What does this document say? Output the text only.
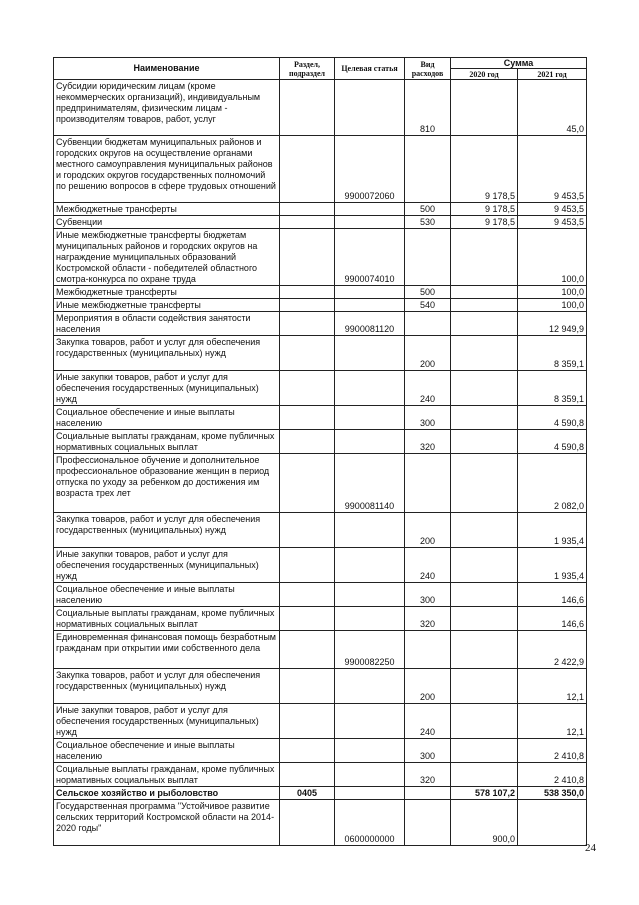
Наименование	Раздел, подраздел	Целевая статья	Вид расходов	Сумма	
				2020 год	2021 год
Субсидии юридическим лицам (кроме некоммерческих организаций), индивидуальным предпринимателям, физическим лицам - производителям товаров, работ, услуг			810		45,0
Субвенции бюджетам муниципальных районов и городских округов на осуществление органами местного самоуправления муниципальных районов и городских округов государственных полномочий по решению вопросов в сфере трудовых отношений		9900072060		9 178,5	9 453,5
Межбюджетные трансферты			500	9 178,5	9 453,5
Субвенции			530	9 178,5	9 453,5
Иные межбюджетные трансферты бюджетам муниципальных районов и городских округов на награждение муниципальных образований Костромской области - победителей областного смотра-конкурса по охране труда		9900074010			100,0
Межбюджетные трансферты			500		100,0
Иные межбюджетные трансферты			540		100,0
Мероприятия в области содействия занятости населения		9900081120			12 949,9
Закупка товаров, работ и услуг для обеспечения государственных (муниципальных) нужд			200		8 359,1
Иные закупки товаров, работ и услуг для обеспечения государственных (муниципальных) нужд			240		8 359,1
Социальное обеспечение и иные выплаты населению			300		4 590,8
Социальные выплаты гражданам, кроме публичных нормативных социальных выплат			320		4 590,8
Профессиональное обучение и дополнительное профессиональное образование женщин в период отпуска по уходу за ребенком до достижения им возраста трех лет		9900081140			2 082,0
Закупка товаров, работ и услуг для обеспечения государственных (муниципальных) нужд			200		1 935,4
Иные закупки товаров, работ и услуг для обеспечения государственных (муниципальных) нужд			240		1 935,4
Социальное обеспечение и иные выплаты населению			300		146,6
Социальные выплаты гражданам, кроме публичных нормативных социальных выплат			320		146,6
Единовременная финансовая помощь безработным гражданам при открытии ими собственного дела		9900082250			2 422,9
Закупка товаров, работ и услуг для обеспечения государственных (муниципальных) нужд			200		12,1
Иные закупки товаров, работ и услуг для обеспечения государственных (муниципальных) нужд			240		12,1
Социальное обеспечение и иные выплаты населению			300		2 410,8
Социальные выплаты гражданам, кроме публичных нормативных социальных выплат			320		2 410,8
Сельское хозяйство и рыболовство	0405			578 107,2	538 350,0
Государственная программа "Устойчивое развитие сельских территорий Костромской области на 2014-2020 годы"		0600000000		900,0	
24
